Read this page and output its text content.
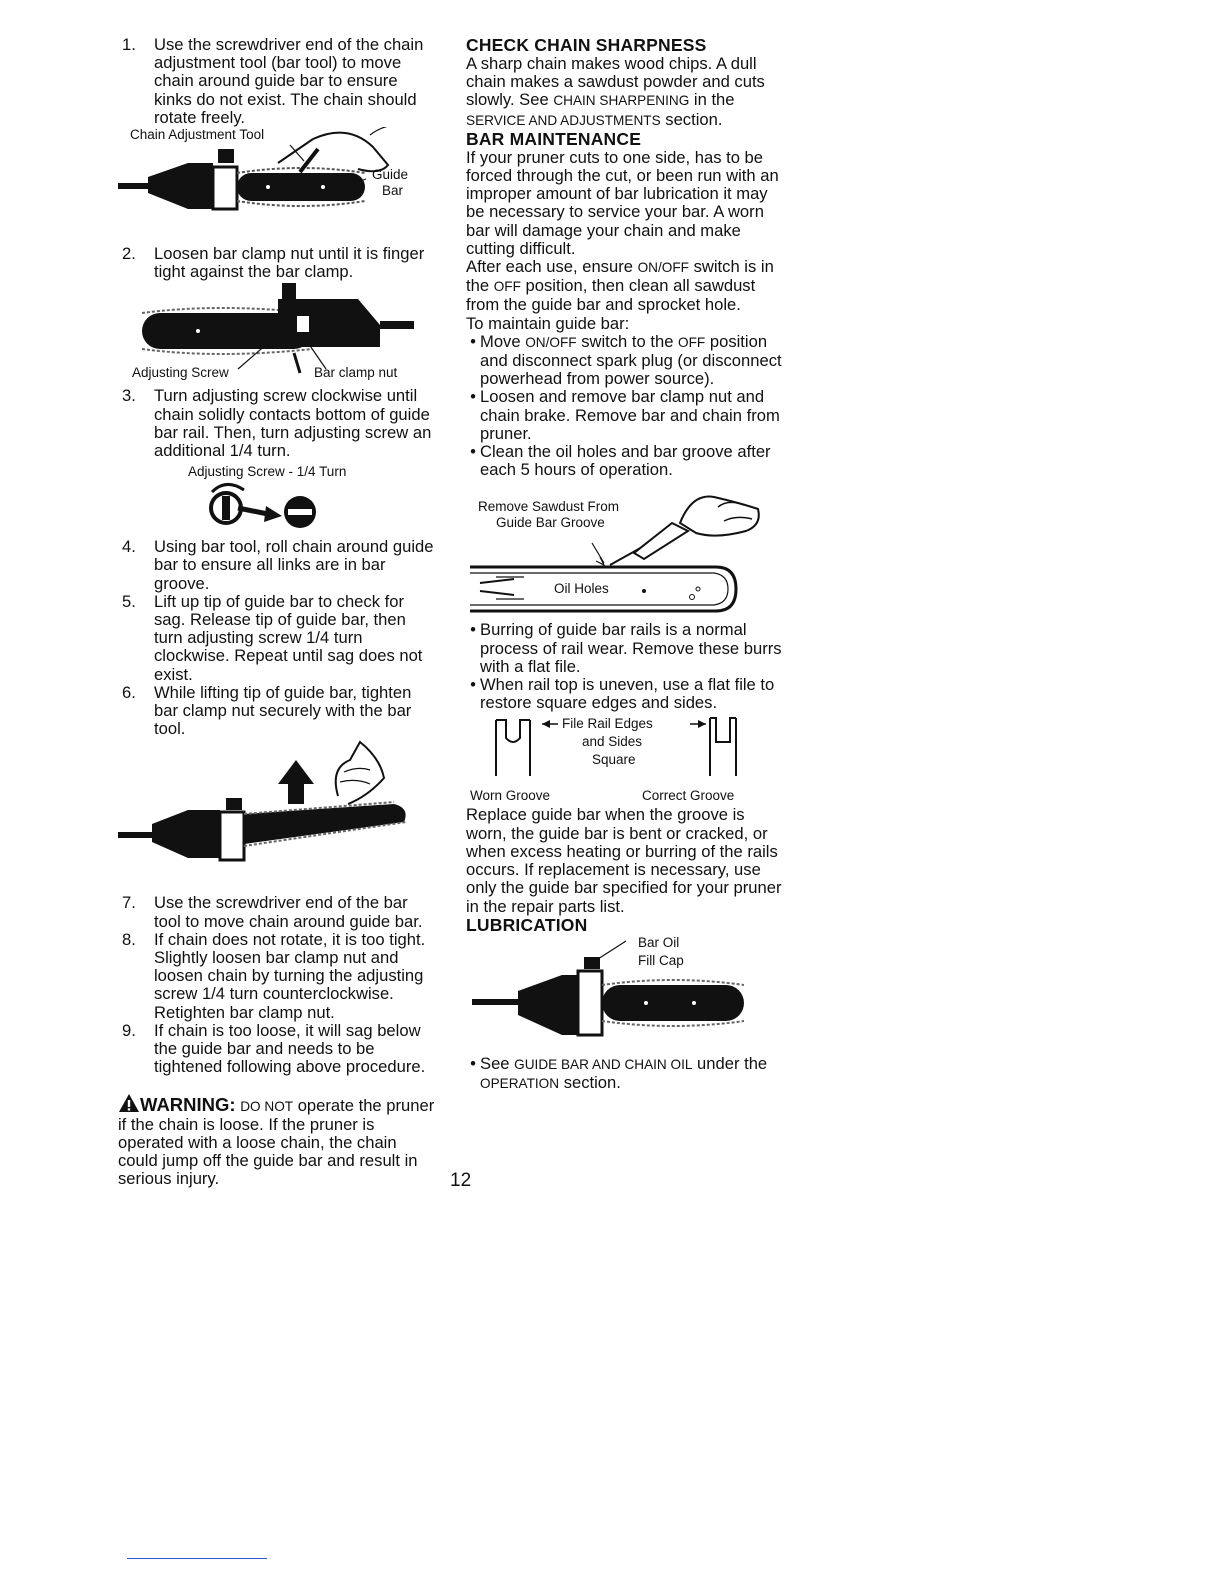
1.	Use the screwdriver end of the chain adjustment tool (bar tool) to move chain around guide bar to ensure kinks do not exist. The chain should rotate freely.
Chain Adjustment Tool
Guide
Bar
2.	Loosen bar clamp nut until it is finger tight against the bar clamp.
Adjusting Screw	Bar clamp nut
3.	Turn adjusting screw clockwise until chain solidly contacts bottom of guide bar rail. Then, turn adjusting screw an additional 1/4 turn.
Adjusting Screw - 1/4 Turn
4.	Using bar tool, roll chain around guide bar to ensure all links are in bar groove.
5.	Lift up tip of guide bar to check for sag. Release tip of guide bar, then turn adjusting screw 1/4 turn clockwise. Repeat until sag does not exist.
6.	While lifting tip of guide bar, tighten bar clamp nut securely with the bar tool.
7.	Use the screwdriver end of the bar tool to move chain around guide bar.
8.	If chain does not rotate, it is too tight. Slightly loosen bar clamp nut and loosen chain by turning the adjusting screw 1/4 turn counterclockwise. Retighten bar clamp nut.
9.	If chain is too loose, it will sag below the guide bar and needs to be tightened following above procedure.

WARNING: DO NOT operate the pruner if the chain is loose. If the pruner is operated with a loose chain, the chain could jump off the guide bar and result in serious injury.

CHECK CHAIN SHARPNESS

A sharp chain makes wood chips. A dull chain makes a sawdust powder and cuts slowly. See CHAIN SHARPENING in the SERVICE AND ADJUSTMENTS section.

BAR MAINTENANCE

If your pruner cuts to one side, has to be forced through the cut, or been run with an improper amount of bar lubrication it may be necessary to service your bar. A worn bar will damage your chain and make cutting difficult.

After each use, ensure ON/OFF switch is in the OFF position, then clean all sawdust from the guide bar and sprocket hole.

To maintain guide bar:

• Move ON/OFF switch to the OFF position and disconnect spark plug (or disconnect powerhead from power source).
• Loosen and remove bar clamp nut and chain brake. Remove bar and chain from pruner.
• Clean the oil holes and bar groove after each 5 hours of operation.
Remove Sawdust From
Guide Bar Groove
Oil Holes
• Burring of guide bar rails is a normal process of rail wear. Remove these burrs with a flat file.
• When rail top is uneven, use a flat file to restore square edges and sides.
File Rail Edges
and Sides
Square
Worn Groove	Correct Groove

Replace guide bar when the groove is worn, the guide bar is bent or cracked, or when excess heating or burring of the rails occurs. If replacement is necessary, use only the guide bar specified for your pruner in the repair parts list.

LUBRICATION

Bar Oil
Fill Cap
• See GUIDE BAR AND CHAIN OIL under the OPERATION section.
12
